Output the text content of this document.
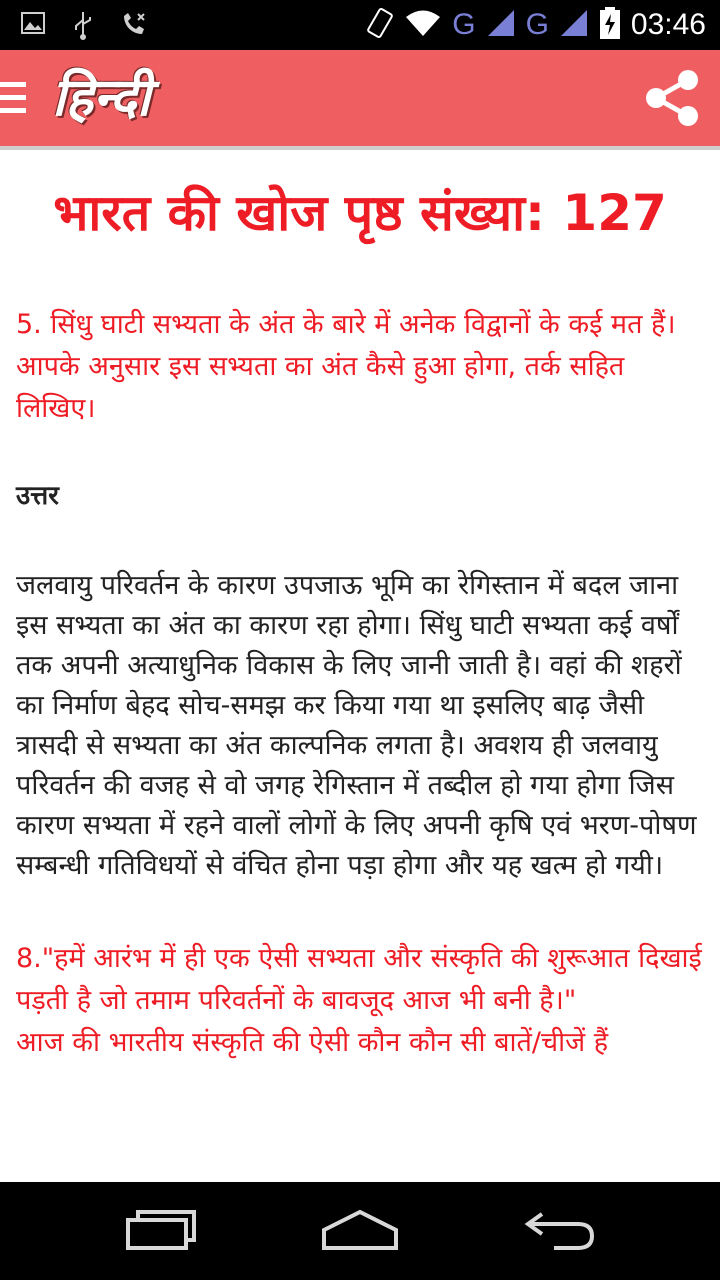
G G	03:46
हिन्दी
भारत की खोज पृष्ठ संख्या: 127
5. सिंधु घाटी सभ्यता के अंत के बारे में अनेक विद्वानों के कई मत हैं। आपके अनुसार इस सभ्यता का अंत कैसे हुआ होगा, तर्क सहित लिखिए।
उत्तर
जलवायु परिवर्तन के कारण उपजाऊ भूमि का रेगिस्तान में बदल जाना इस सभ्यता का अंत का कारण रहा होगा। सिंधु घाटी सभ्यता कई वर्षों तक अपनी अत्याधुनिक विकास के लिए जानी जाती है। वहां की शहरों का निर्माण बेहद सोच-समझ कर किया गया था इसलिए बाढ़ जैसी त्रासदी से सभ्यता का अंत काल्पनिक लगता है। अवशय ही जलवायु परिवर्तन की वजह से वो जगह रेगिस्तान में तब्दील हो गया होगा जिस कारण सभ्यता में रहने वालों लोगों के लिए अपनी कृषि एवं भरण-पोषण सम्बन्धी गतिविधयों से वंचित होना पड़ा होगा और यह खत्म हो गयी।
8."हमें आरंभ में ही एक ऐसी सभ्यता और संस्कृति की शुरूआत दिखाई पड़ती है जो तमाम परिवर्तनों के बावजूद आज भी बनी है।"
आज की भारतीय संस्कृति की ऐसी कौन कौन सी बातें/चीजें हैं
